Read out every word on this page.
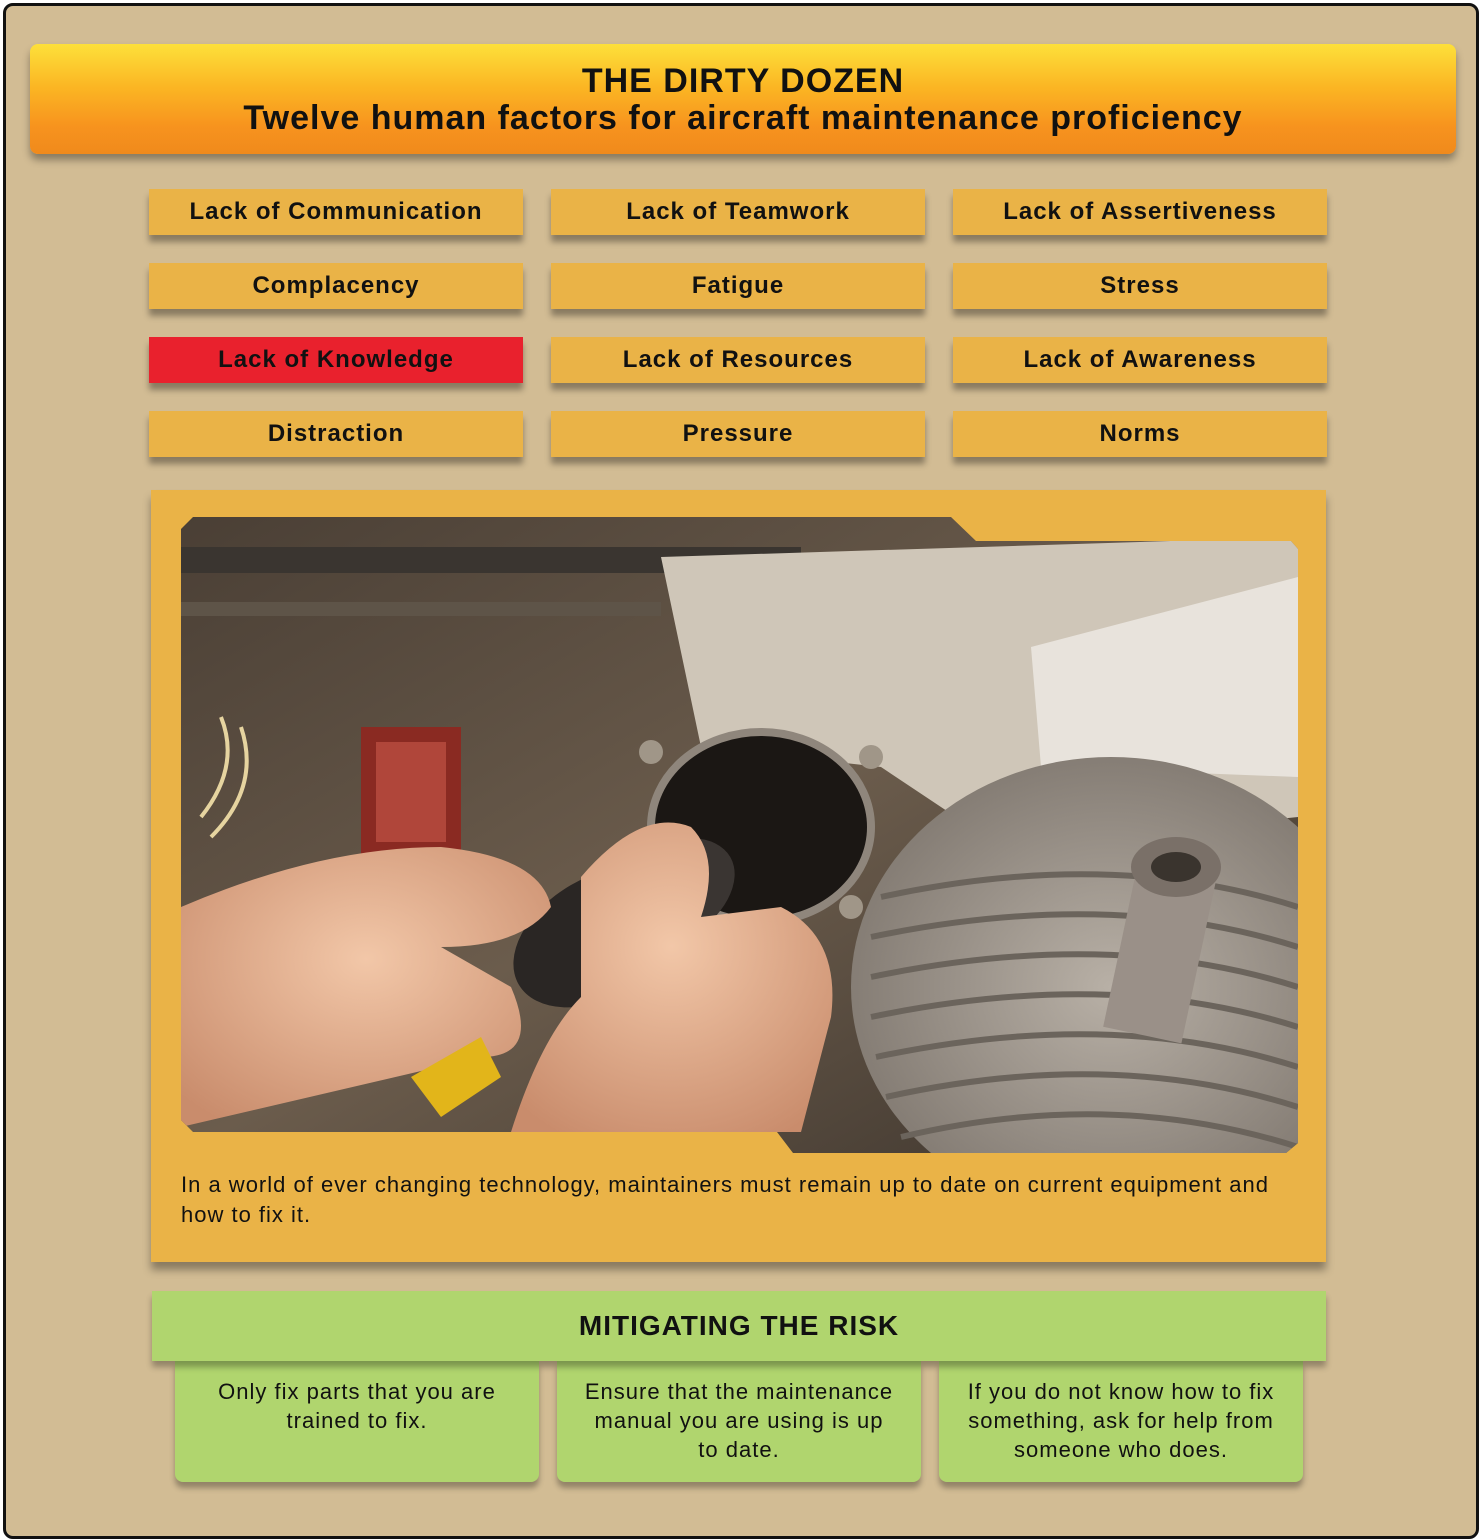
THE DIRTY DOZEN
Twelve human factors for aircraft maintenance proficiency
Lack of Communication	Lack of Teamwork	Lack of Assertiveness
Complacency	Fatigue	Stress
Lack of Knowledge	Lack of Resources	Lack of Awareness
Distraction	Pressure	Norms
In a world of ever changing technology, maintainers must remain up to date on current equipment and how to fix it.
MITIGATING THE RISK
Only fix parts that you are trained to fix.
Ensure that the maintenance manual you are using is up to date.
If you do not know how to fix something, ask for help from someone who does.
